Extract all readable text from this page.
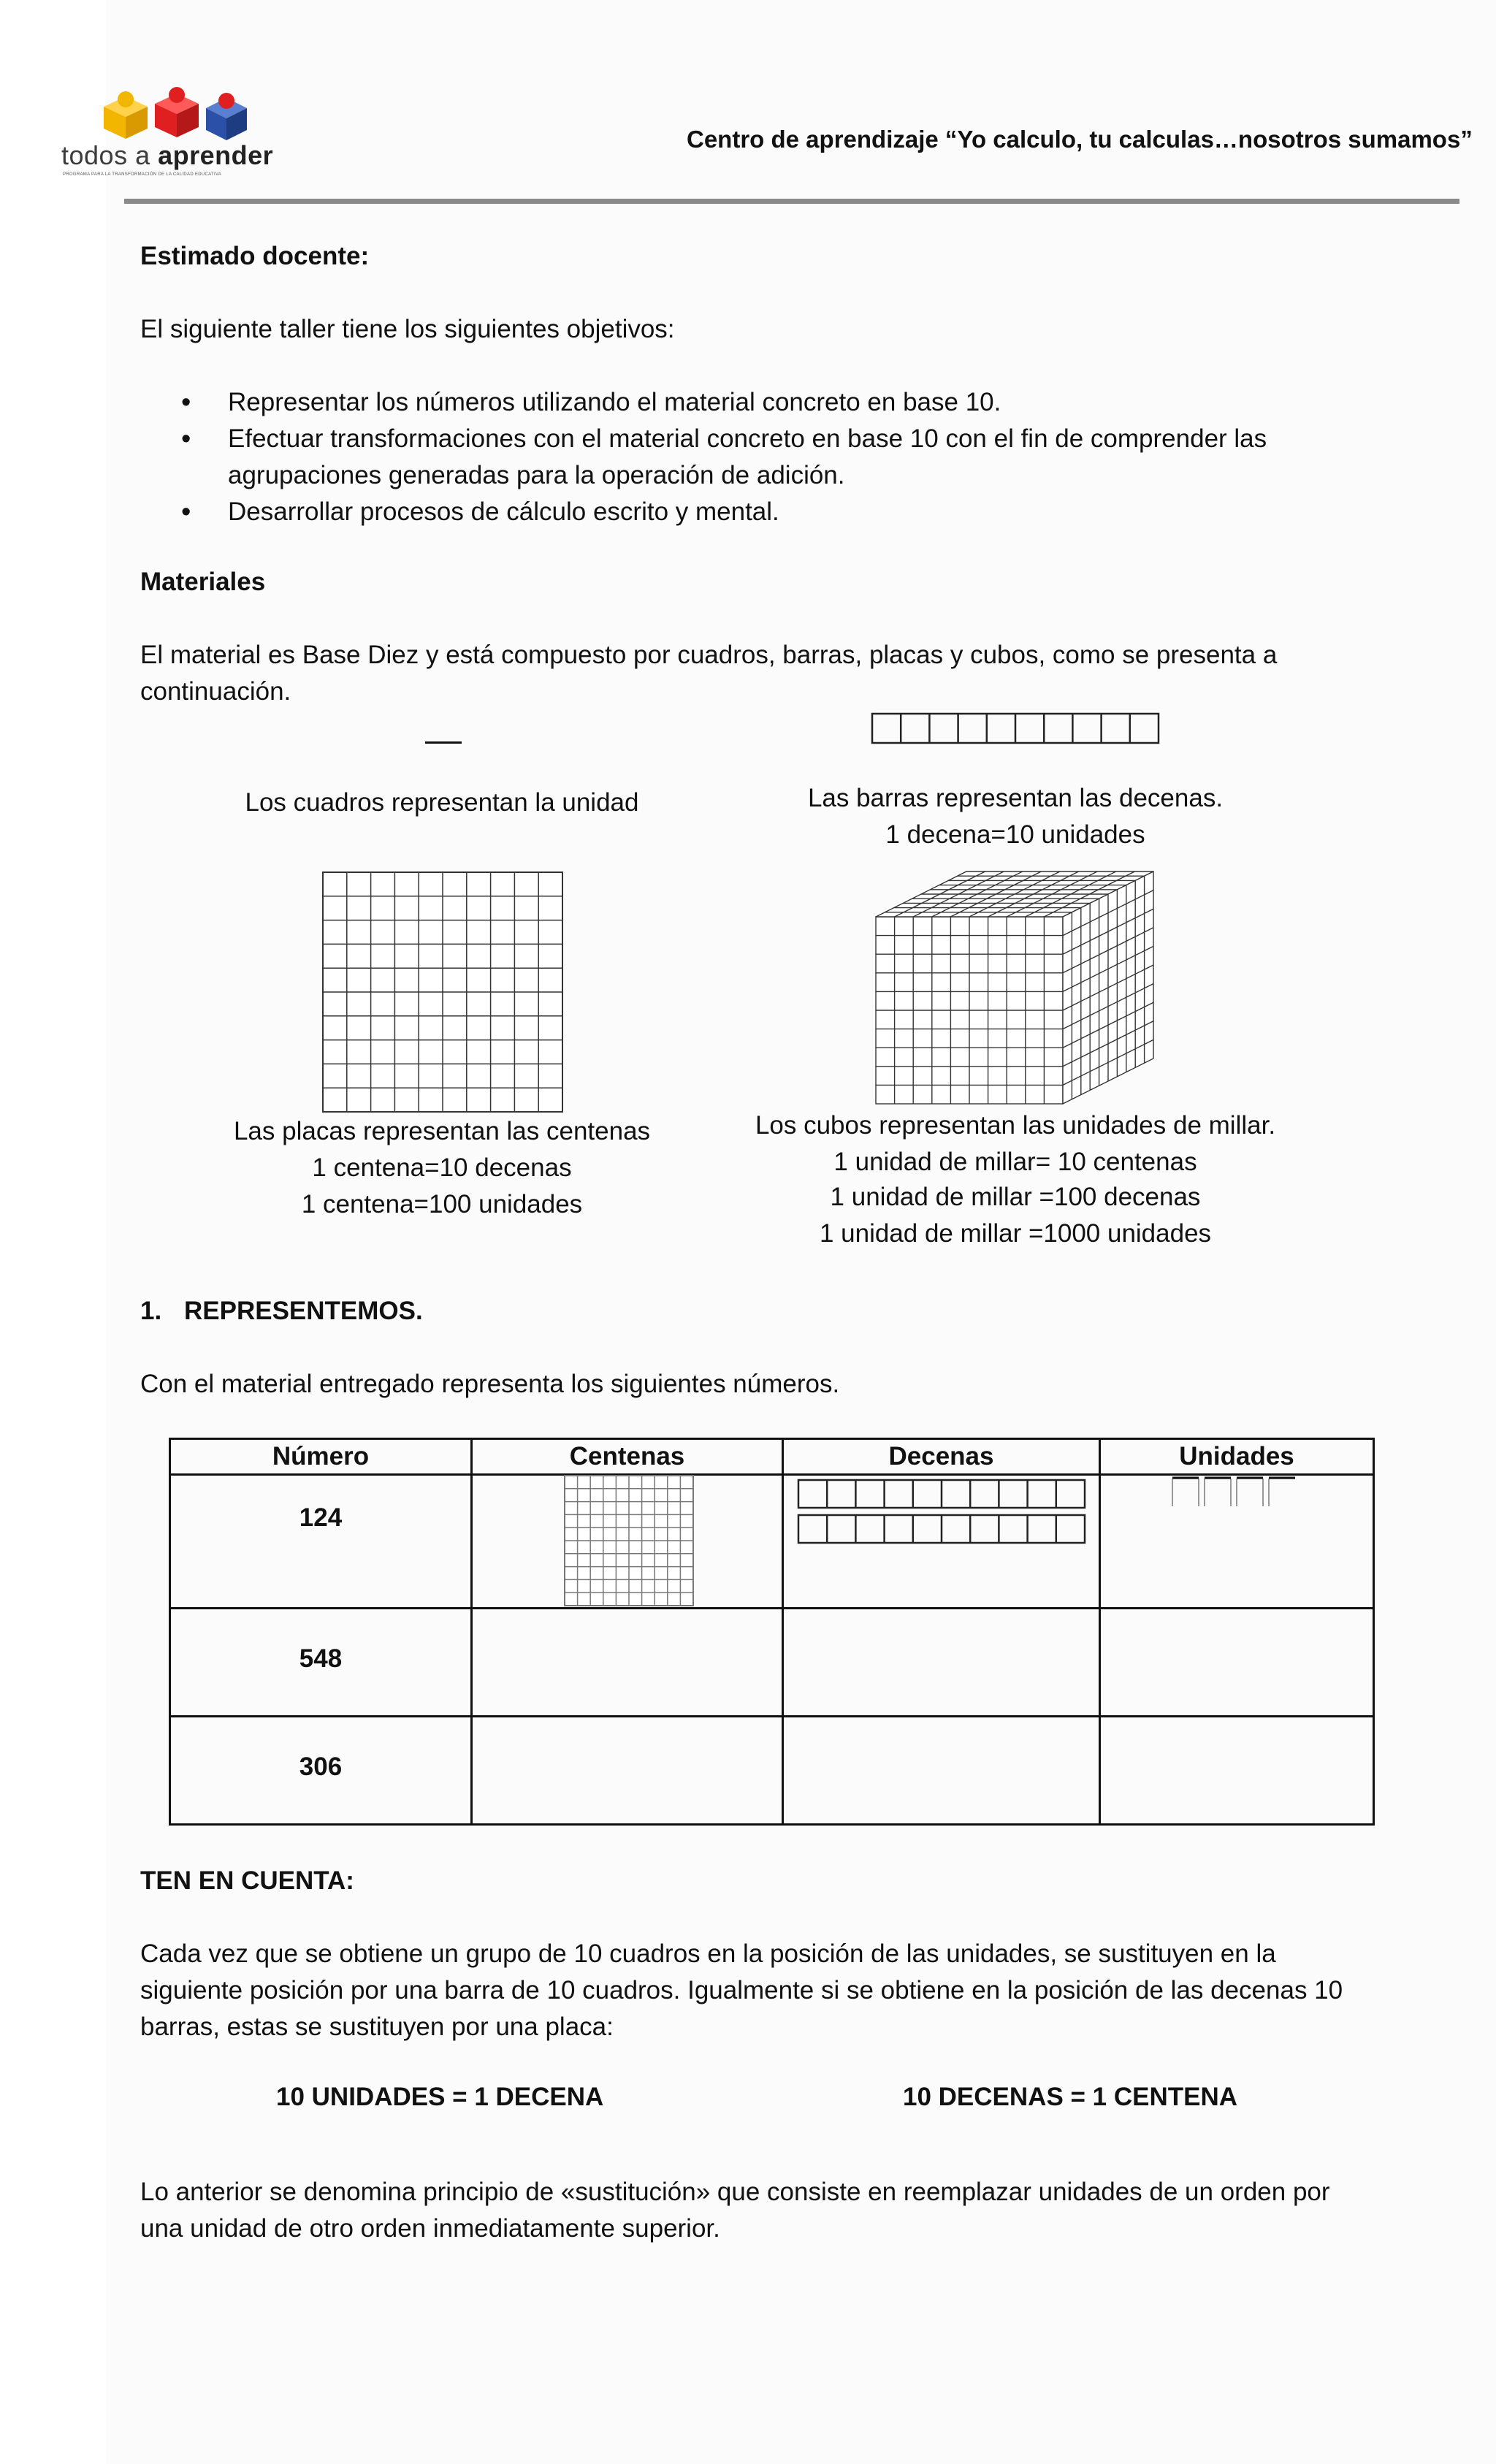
todos a aprender
PROGRAMA PARA LA TRANSFORMACIÓN DE LA CALIDAD EDUCATIVA
Centro de aprendizaje “Yo calculo, tu calculas…nosotros sumamos”
Estimado docente:
El siguiente taller tiene los siguientes objetivos:
• Representar los números utilizando el material concreto en base 10.
• Efectuar transformaciones con el material concreto en base 10 con el fin de comprender las agrupaciones generadas para la operación de adición.
• Desarrollar procesos de cálculo escrito y mental.
Materiales
El material es Base Diez y está compuesto por cuadros, barras, placas y cubos, como se presenta a continuación.
Los cuadros representan la unidad	Las barras representan las decenas.
1 decena=10 unidades
Las placas representan las centenas
1 centena=10 decenas
1 centena=100 unidades
Los cubos representan las unidades de millar.
1 unidad de millar= 10 centenas
1 unidad de millar =100 decenas
1 unidad de millar =1000 unidades
1. REPRESENTEMOS.
Con el material entregado representa los siguientes números.
Número	Centenas	Decenas	Unidades

124

548			

306			

TEN EN CUENTA:
Cada vez que se obtiene un grupo de 10 cuadros en la posición de las unidades, se sustituyen en la siguiente posición por una barra de 10 cuadros. Igualmente si se obtiene en la posición de las decenas 10 barras, estas se sustituyen por una placa:
10 UNIDADES = 1 DECENA	10 DECENAS = 1 CENTENA
Lo anterior se denomina principio de «sustitución» que consiste en reemplazar unidades de un orden por una unidad de otro orden inmediatamente superior.
